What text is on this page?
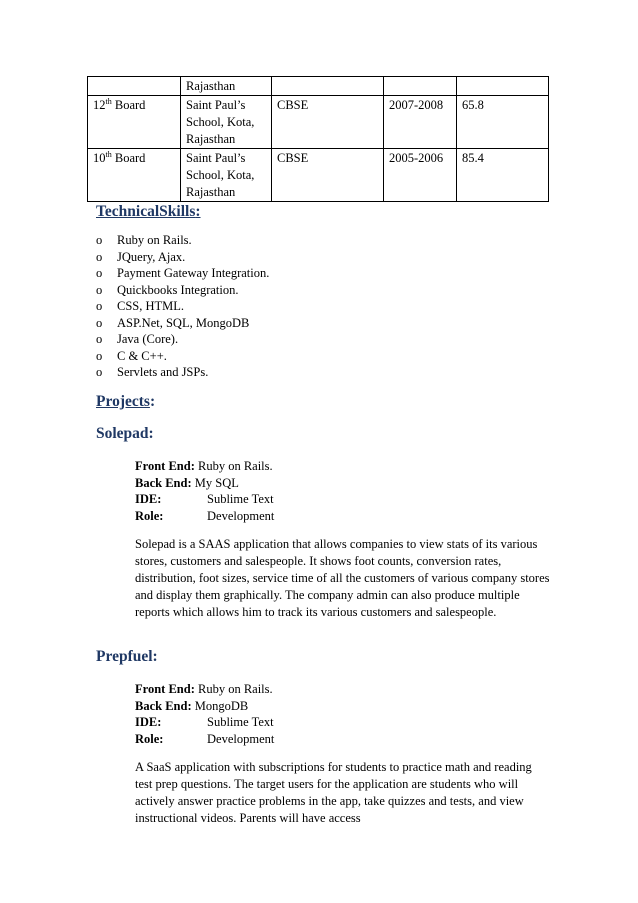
	Rajasthan			
12th Board	Saint Paul’s School, Kota, Rajasthan	CBSE	2007-2008	65.8
10th Board	Saint Paul’s School, Kota, Rajasthan	CBSE	2005-2006	85.4
TechnicalSkills:
o	Ruby on Rails.
o	JQuery, Ajax.
o	Payment Gateway Integration.
o	Quickbooks Integration.
o	CSS, HTML.
o	ASP.Net, SQL, MongoDB
o	Java (Core).
o	C & C++.
o	Servlets and JSPs.
Projects:
Solepad:
Front End:
Ruby on Rails.
Back End:
My SQL
IDE:	Sublime Text
Role:	Development
Solepad is a SAAS application that allows companies to view stats of its various stores, customers and salespeople. It shows foot counts, conversion rates, distribution, foot sizes, service time of all the customers of various company stores and display them graphically. The company admin can also produce multiple reports which allows him to track its various customers and salespeople.
Prepfuel:
Front End:
Ruby on Rails.
Back End:
MongoDB
IDE:	Sublime Text
Role:	Development
A SaaS application with subscriptions for students to practice math and reading test prep questions. The target users for the application are students who will actively answer practice problems in the app, take quizzes and tests, and view instructional videos. Parents will have access
